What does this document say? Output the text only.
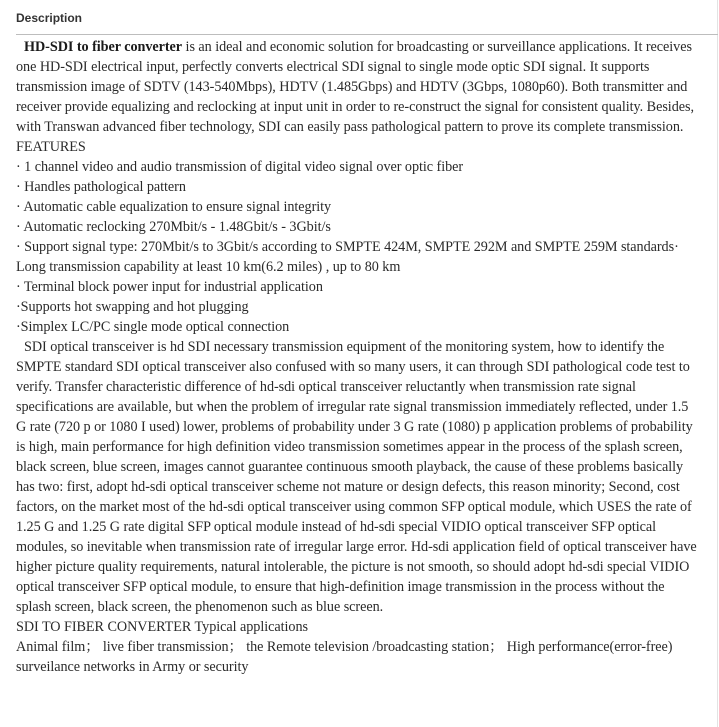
Description

HD-SDI to fiber converter is an ideal and economic solution for broadcasting or surveillance applications. It receives one HD-SDI electrical input, perfectly converts electrical SDI signal to single mode optic SDI signal. It supports transmission image of SDTV (143-540Mbps), HDTV (1.485Gbps) and HDTV (3Gbps, 1080p60). Both transmitter and receiver provide equalizing and reclocking at input unit in order to re-construct the signal for consistent quality. Besides, with Transwan advanced fiber technology, SDI can easily pass pathological pattern to prove its complete transmission.

FEATURES

· 1 channel video and audio transmission of digital video signal over optic fiber

· Handles pathological pattern

· Automatic cable equalization to ensure signal integrity

· Automatic reclocking 270Mbit/s - 1.48Gbit/s - 3Gbit/s

· Support signal type: 270Mbit/s to 3Gbit/s according to SMPTE 424M, SMPTE 292M and SMPTE 259M standards· Long transmission capability at least 10 km(6.2 miles) , up to 80 km

· Terminal block power input for industrial application

·Supports hot swapping and hot plugging

·Simplex LC/PC single mode optical connection

SDI optical transceiver is hd SDI necessary transmission equipment of the monitoring system, how to identify the SMPTE standard SDI optical transceiver also confused with so many users, it can through SDI pathological code test to verify. Transfer characteristic difference of hd-sdi optical transceiver reluctantly when transmission rate signal specifications are available, but when the problem of irregular rate signal transmission immediately reflected, under 1.5 G rate (720 p or 1080 I used) lower, problems of probability under 3 G rate (1080) p application problems of probability is high, main performance for high definition video transmission sometimes appear in the process of the splash screen, black screen, blue screen, images cannot guarantee continuous smooth playback, the cause of these problems basically has two: first, adopt hd-sdi optical transceiver scheme not mature or design defects, this reason minority; Second, cost factors, on the market most of the hd-sdi optical transceiver using common SFP optical module, which USES the rate of 1.25 G and 1.25 G rate digital SFP optical module instead of hd-sdi special VIDIO optical transceiver SFP optical modules, so inevitable when transmission rate of irregular large error. Hd-sdi application field of optical transceiver have higher picture quality requirements, natural intolerable, the picture is not smooth, so should adopt hd-sdi special VIDIO optical transceiver SFP optical module, to ensure that high-definition image transmission in the process without the splash screen, black screen, the phenomenon such as blue screen.

SDI TO FIBER CONVERTER Typical applications

Animal film； live fiber transmission； the Remote television /broadcasting station； High performance(error-free) surveilance networks in Army or security
